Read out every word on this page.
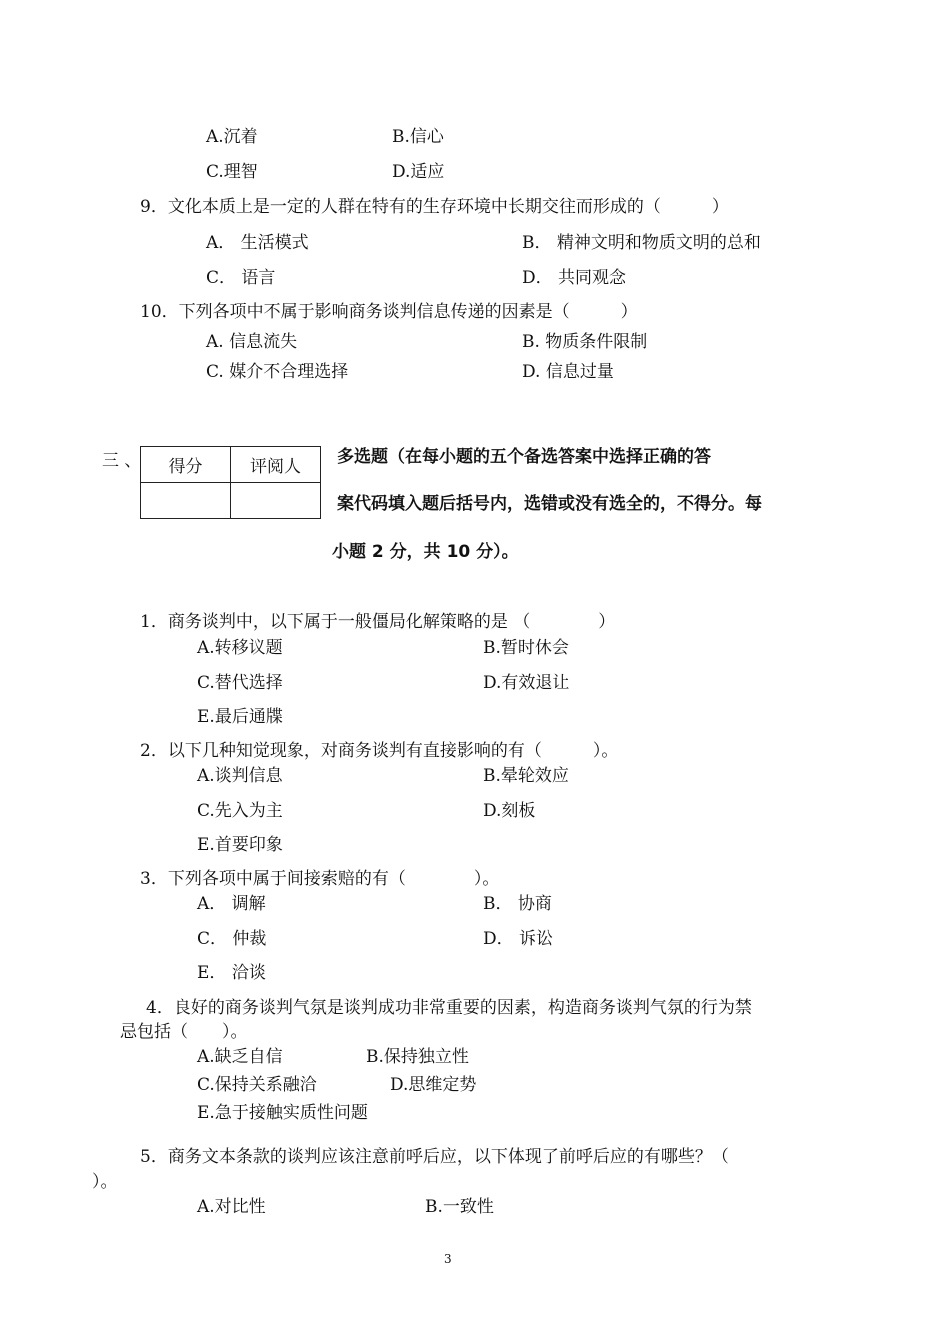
A.沉着	B.信心
C.理智	D.适应
9．文化本质上是一定的人群在特有的生存环境中长期交往而形成的（　　　）
A． 生活模式	B． 精神文明和物质文明的总和
C． 语言	D． 共同观念
10．下列各项中不属于影响商务谈判信息传递的因素是（　　　）
A. 信息流失	B. 物质条件限制
C. 媒介不合理选择	D. 信息过量
三 、 得分	评阅人
	多选题（在每小题的五个备选答案中选择正确的答
案代码填入题后括号内，选错或没有选全的，不得分。每
小题 2 分，共 10 分）。
1．商务谈判中，以下属于一般僵局化解策略的是 （　　　　）
A.转移议题	B.暂时休会
C.替代选择	D.有效退让
E.最后通牒
2．以下几种知觉现象，对商务谈判有直接影响的有（　　　）。
A.谈判信息	B.晕轮效应
C.先入为主	D.刻板
E.首要印象
3．下列各项中属于间接索赔的有（　　　　）。
A． 调解	B． 协商
C． 仲裁	D． 诉讼
E． 洽谈
4．良好的商务谈判气氛是谈判成功非常重要的因素，构造商务谈判气氛的行为禁
忌包括（　　）。
A.缺乏自信	B.保持独立性
C.保持关系融洽	D.思维定势
E.急于接触实质性问题
5．商务文本条款的谈判应该注意前呼后应，以下体现了前呼后应的有哪些？（
）。
A.对比性	B.一致性
3
